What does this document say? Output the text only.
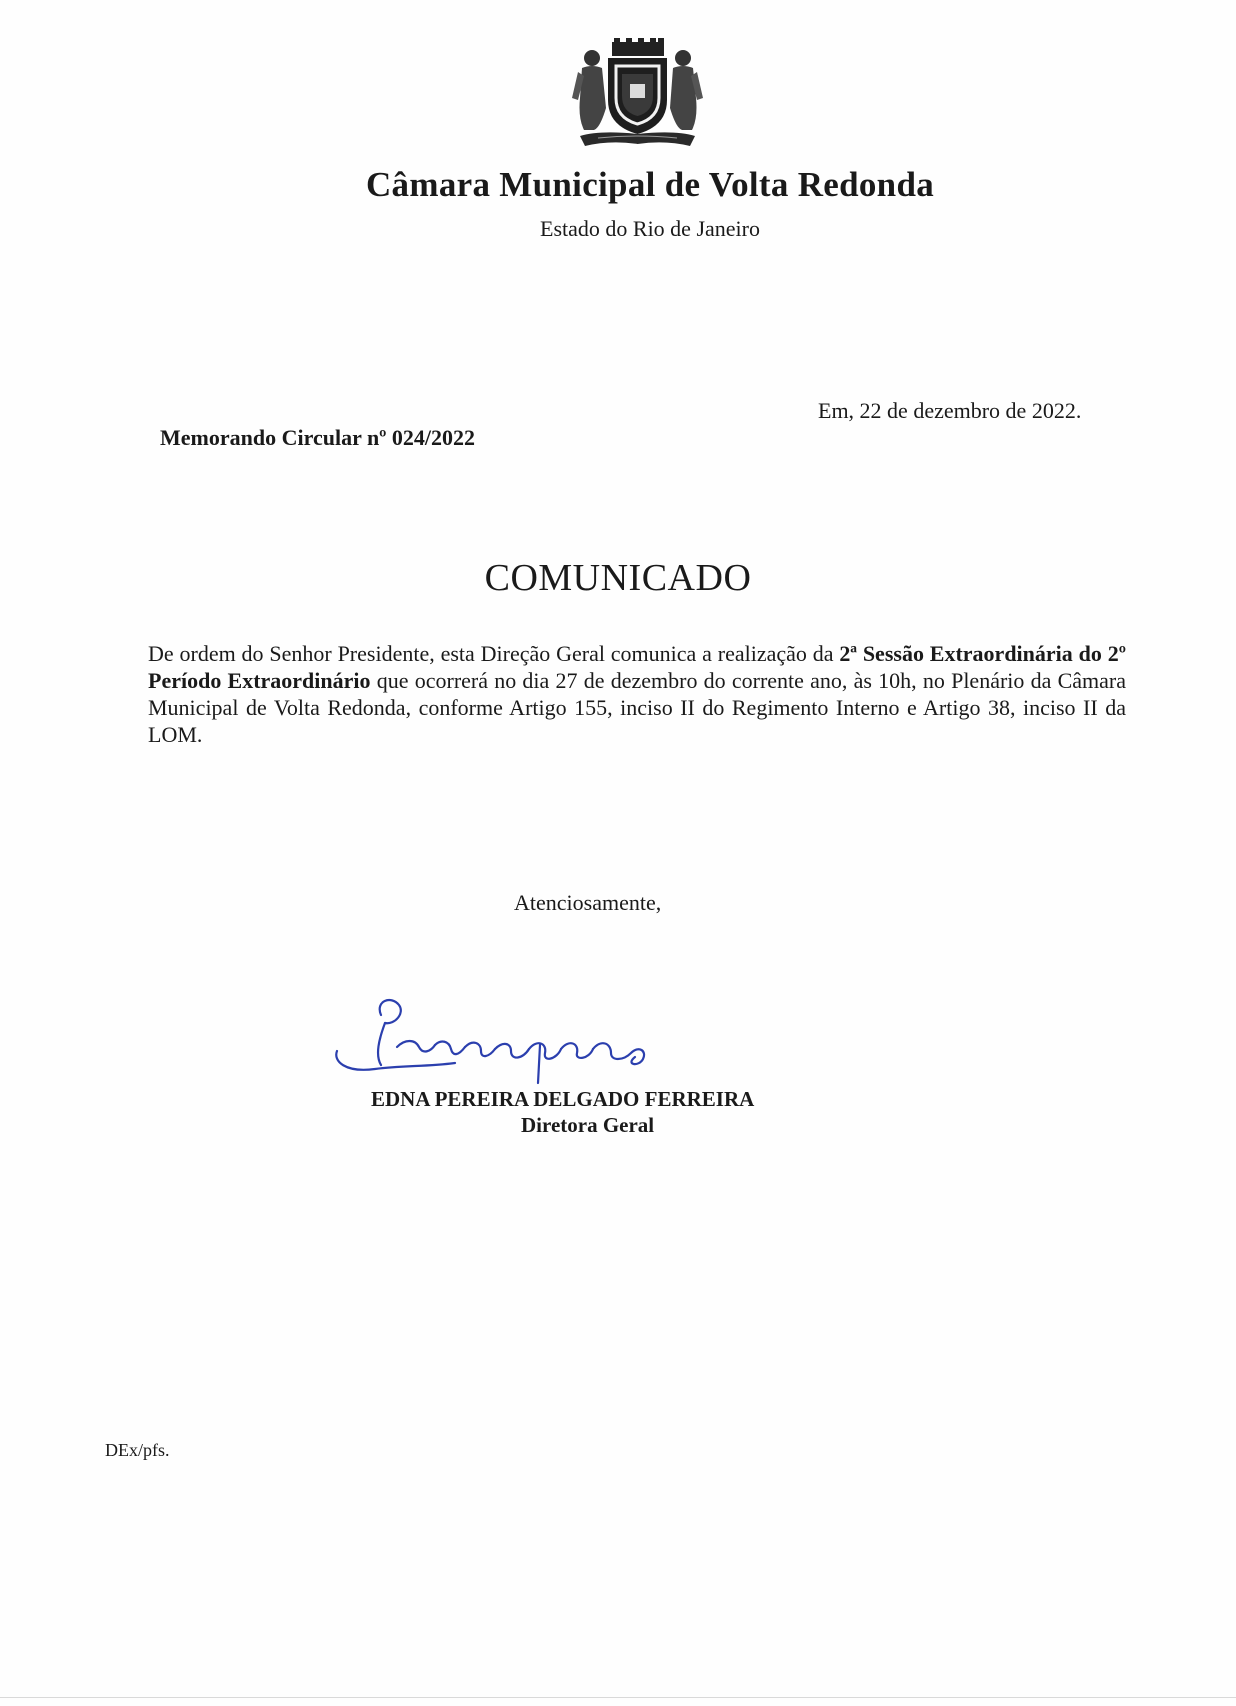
Câmara Municipal de Volta Redonda
Estado do Rio de Janeiro
Em, 22 de dezembro de 2022.
Memorando Circular nº 024/2022
COMUNICADO

De ordem do Senhor Presidente, esta Direção Geral comunica a realização da 2ª Sessão Extraordinária do 2º Período Extraordinário que ocorrerá no dia 27 de dezembro do corrente ano, às 10h, no Plenário da Câmara Municipal de Volta Redonda, conforme Artigo 155, inciso II do Regimento Interno e Artigo 38, inciso II da LOM.

Atenciosamente,
EDNA PEREIRA DELGADO FERREIRA
Diretora Geral
DEx/pfs.
